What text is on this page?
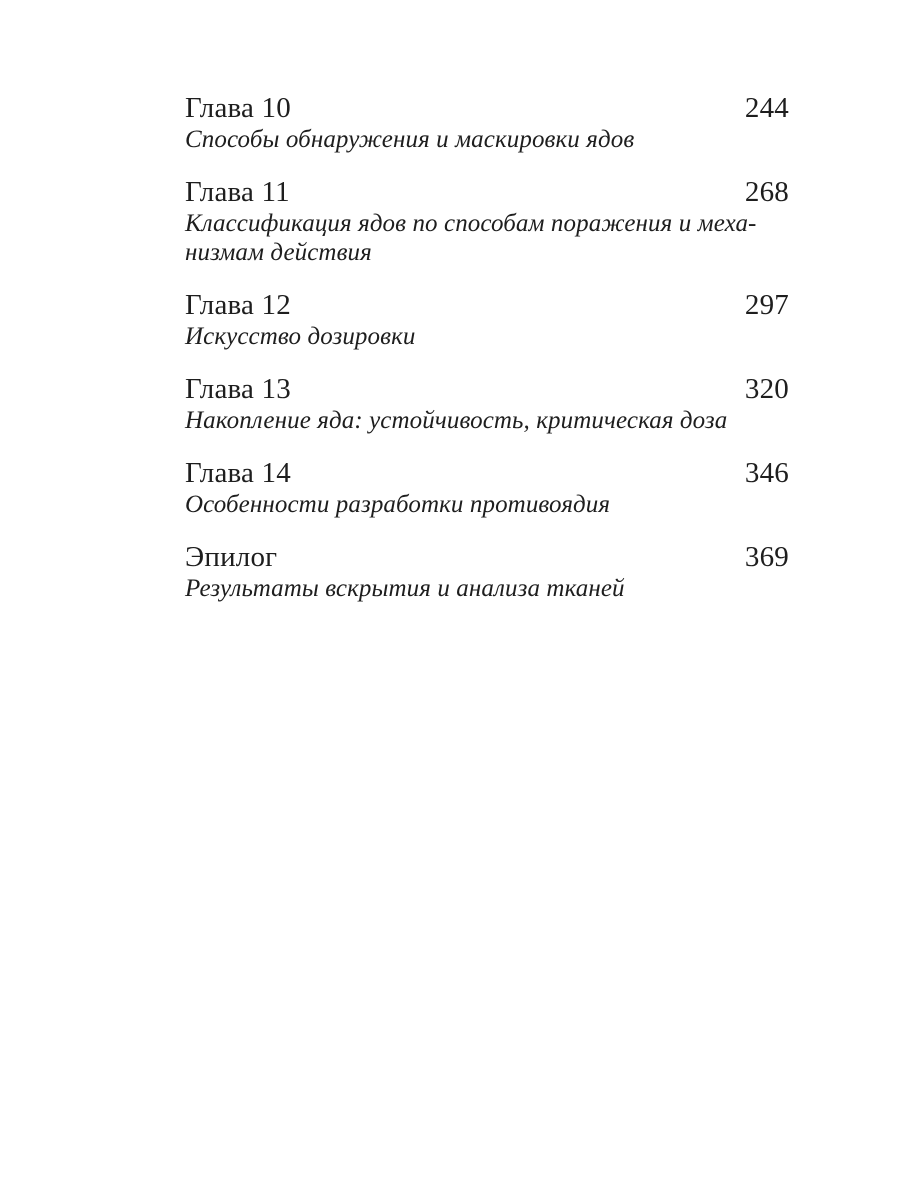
Глава 10	244
Способы обнаружения и маскировки ядов
Глава 11	268
Классификация ядов по способам поражения и меха-
низмам действия
Глава 12	297
Искусство дозировки
Глава 13	320
Накопление яда: устойчивость, критическая доза
Глава 14	346
Особенности разработки противоядия
Эпилог	369
Результаты вскрытия и анализа тканей
